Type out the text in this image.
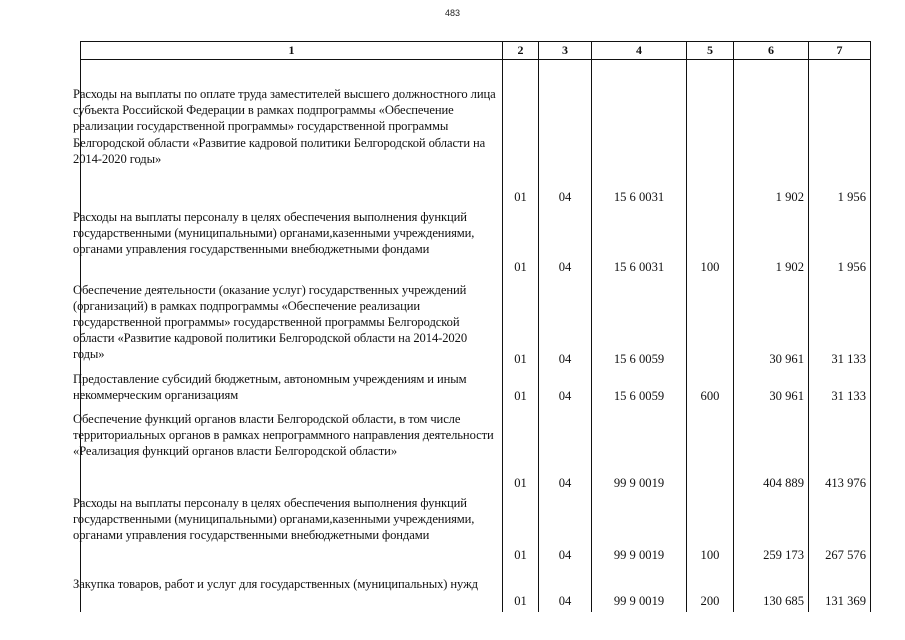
483
1	2	3	4	5	6	7

Расходы на выплаты по оплате труда заместителей высшего должностного лица субъекта Российской Федерации в рамках подпрограммы «Обеспечение реализации государственной программы» государственной программы Белгородской области «Развитие кадровой политики Белгородской области на 2014-2020 годы»	01	04	15 6 0031		1 902	1 956

Расходы на выплаты персоналу в целях обеспечения выполнения функций государственными (муниципальными) органами,казенными учреждениями, органами управления государственными внебюджетными фондами	01	04	15 6 0031	100	1 902	1 956

Обеспечение деятельности (оказание услуг) государственных учреждений (организаций) в рамках подпрограммы «Обеспечение реализации государственной программы» государственной программы Белгородской области «Развитие кадровой политики Белгородской области на 2014-2020 годы»	01	04	15 6 0059		30 961	31 133

Предоставление субсидий бюджетным, автономным учреждениям и иным некоммерческим организациям	01	04	15 6 0059	600	30 961	31 133

Обеспечение функций органов власти Белгородской области, в том числе территориальных органов в рамках непрограммного направления деятельности «Реализация функций органов власти Белгородской области»	01	04	99 9 0019		404 889	413 976

Расходы на выплаты персоналу в целях обеспечения выполнения функций государственными (муниципальными) органами,казенными учреждениями, органами управления государственными внебюджетными фондами	01	04	99 9 0019	100	259 173	267 576

Закупка товаров, работ и услуг для государственных (муниципальных) нужд	01	04	99 9 0019	200	130 685	131 369
